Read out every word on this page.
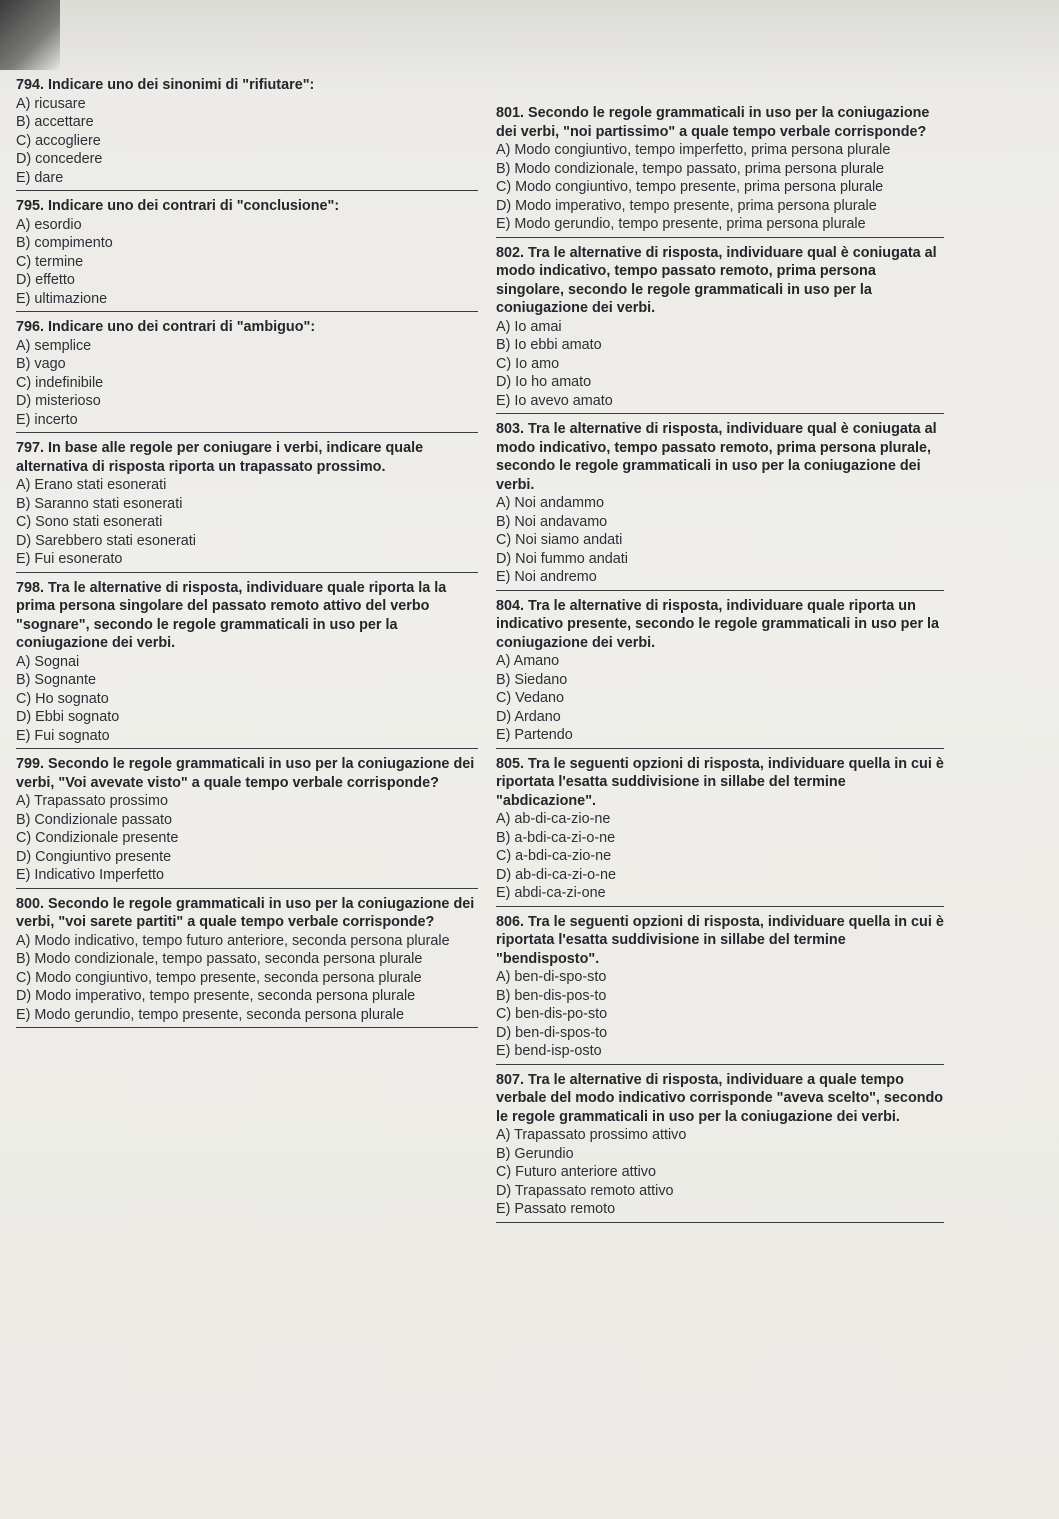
794. Indicare uno dei sinonimi di "rifiutare":
A) ricusare
B) accettare
C) accogliere
D) concedere
E) dare
795. Indicare uno dei contrari di "conclusione":
A) esordio
B) compimento
C) termine
D) effetto
E) ultimazione
796. Indicare uno dei contrari di "ambiguo":
A) semplice
B) vago
C) indefinibile
D) misterioso
E) incerto
797. In base alle regole per coniugare i verbi, indicare quale alternativa di risposta riporta un trapassato prossimo.
A) Erano stati esonerati
B) Saranno stati esonerati
C) Sono stati esonerati
D) Sarebbero stati esonerati
E) Fui esonerato
798. Tra le alternative di risposta, individuare quale riporta la la prima persona singolare del passato remoto attivo del verbo "sognare", secondo le regole grammaticali in uso per la coniugazione dei verbi.
A) Sognai
B) Sognante
C) Ho sognato
D) Ebbi sognato
E) Fui sognato
799. Secondo le regole grammaticali in uso per la coniugazione dei verbi, "Voi avevate visto" a quale tempo verbale corrisponde?
A) Trapassato prossimo
B) Condizionale passato
C) Condizionale presente
D) Congiuntivo presente
E) Indicativo Imperfetto
800. Secondo le regole grammaticali in uso per la coniugazione dei verbi, "voi sarete partiti" a quale tempo verbale corrisponde?
A) Modo indicativo, tempo futuro anteriore, seconda persona plurale
B) Modo condizionale, tempo passato, seconda persona plurale
C) Modo congiuntivo, tempo presente, seconda persona plurale
D) Modo imperativo, tempo presente, seconda persona plurale
E) Modo gerundio, tempo presente, seconda persona plurale
801. Secondo le regole grammaticali in uso per la coniugazione dei verbi, "noi partissimo" a quale tempo verbale corrisponde?
A) Modo congiuntivo, tempo imperfetto, prima persona plurale
B) Modo condizionale, tempo passato, prima persona plurale
C) Modo congiuntivo, tempo presente, prima persona plurale
D) Modo imperativo, tempo presente, prima persona plurale
E) Modo gerundio, tempo presente, prima persona plurale
802. Tra le alternative di risposta, individuare qual è coniugata al modo indicativo, tempo passato remoto, prima persona singolare, secondo le regole grammaticali in uso per la coniugazione dei verbi.
A) Io amai
B) Io ebbi amato
C) Io amo
D) Io ho amato
E) Io avevo amato
803. Tra le alternative di risposta, individuare qual è coniugata al modo indicativo, tempo passato remoto, prima persona plurale, secondo le regole grammaticali in uso per la coniugazione dei verbi.
A) Noi andammo
B) Noi andavamo
C) Noi siamo andati
D) Noi fummo andati
E) Noi andremo
804. Tra le alternative di risposta, individuare quale riporta un indicativo presente, secondo le regole grammaticali in uso per la coniugazione dei verbi.
A) Amano
B) Siedano
C) Vedano
D) Ardano
E) Partendo
805. Tra le seguenti opzioni di risposta, individuare quella in cui è riportata l'esatta suddivisione in sillabe del termine "abdicazione".
A) ab-di-ca-zio-ne
B) a-bdi-ca-zi-o-ne
C) a-bdi-ca-zio-ne
D) ab-di-ca-zi-o-ne
E) abdi-ca-zi-one
806. Tra le seguenti opzioni di risposta, individuare quella in cui è riportata l'esatta suddivisione in sillabe del termine "bendisposto".
A) ben-di-spo-sto
B) ben-dis-pos-to
C) ben-dis-po-sto
D) ben-di-spos-to
E) bend-isp-osto
807. Tra le alternative di risposta, individuare a quale tempo verbale del modo indicativo corrisponde "aveva scelto", secondo le regole grammaticali in uso per la coniugazione dei verbi.
A) Trapassato prossimo attivo
B) Gerundio
C) Futuro anteriore attivo
D) Trapassato remoto attivo
E) Passato remoto
